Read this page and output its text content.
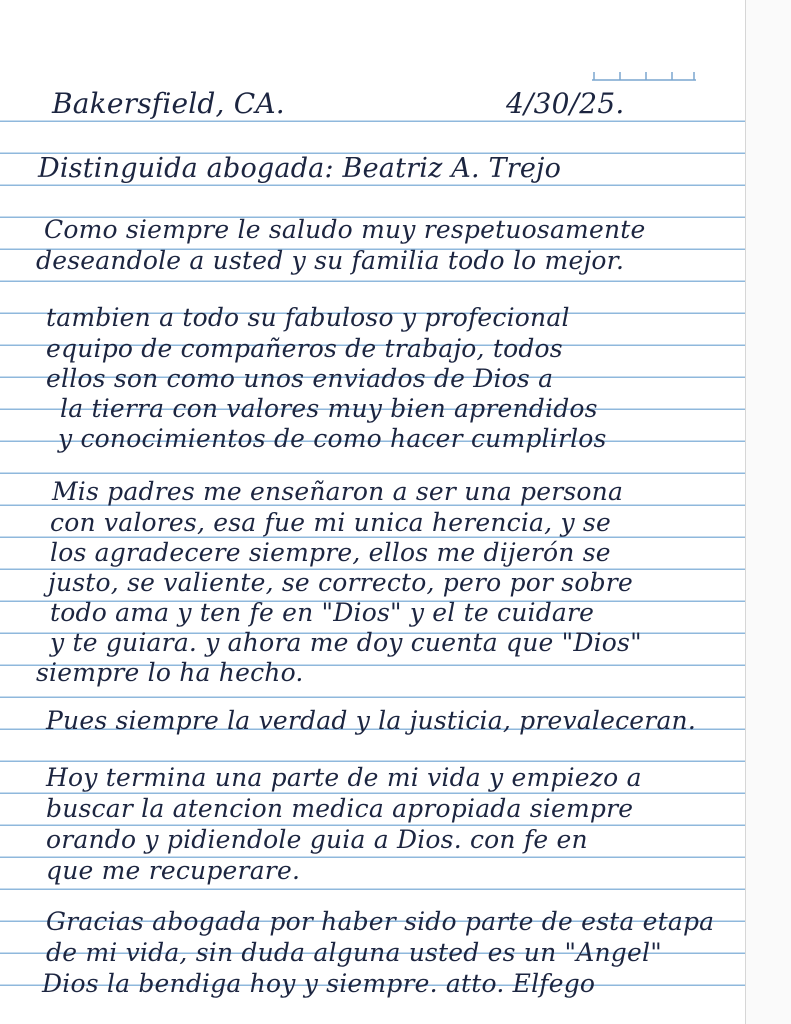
Bakersfield, CA.	4/30/25.
Distinguida abogada: Beatriz A. Trejo
Como siempre le saludo muy respetuosamente
deseandole a usted y su familia todo lo mejor.
tambien a todo su fabuloso y profecional
equipo de compañeros de trabajo, todos
ellos son como unos enviados de Dios a
la tierra con valores muy bien aprendidos
y conocimientos de como hacer cumplirlos
Mis padres me enseñaron a ser una persona
con valores, esa fue mi unica herencia, y se
los agradecere siempre, ellos me dijerón se
justo, se valiente, se correcto, pero por sobre
todo ama y ten fe en "Dios" y el te cuidare
y te guiara. y ahora me doy cuenta que "Dios"
siempre lo ha hecho.
Pues siempre la verdad y la justicia, prevaleceran.
Hoy termina una parte de mi vida y empiezo a
buscar la atencion medica apropiada siempre
orando y pidiendole guia a Dios. con fe en
que me recuperare.
Gracias abogada por haber sido parte de esta etapa
de mi vida, sin duda alguna usted es un "Angel"
Dios la bendiga hoy y siempre. atto. Elfego
